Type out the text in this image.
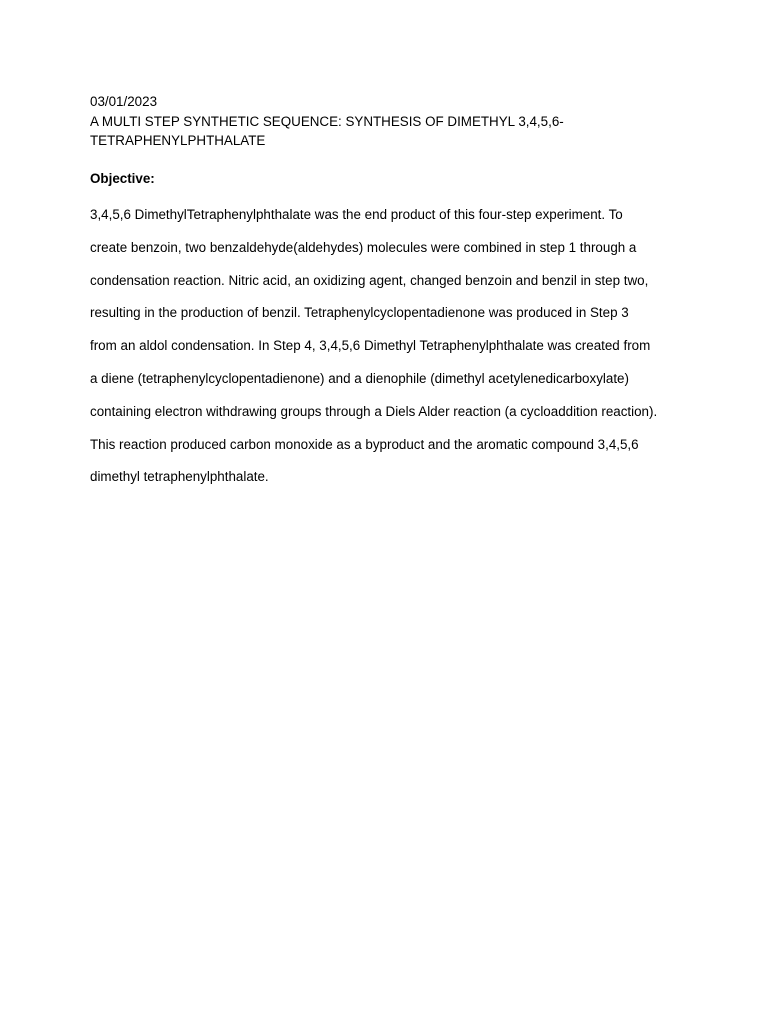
03/01/2023
A MULTI STEP SYNTHETIC SEQUENCE: SYNTHESIS OF DIMETHYL 3,4,5,6-
TETRAPHENYLPHTHALATE
Objective:
3,4,5,6 DimethylTetraphenylphthalate was the end product of this four-step experiment. To
create benzoin, two benzaldehyde(aldehydes) molecules were combined in step 1 through a
condensation reaction. Nitric acid, an oxidizing agent, changed benzoin and benzil in step two,
resulting in the production of benzil. Tetraphenylcyclopentadienone was produced in Step 3
from an aldol condensation. In Step 4, 3,4,5,6 Dimethyl Tetraphenylphthalate was created from
a diene (tetraphenylcyclopentadienone) and a dienophile (dimethyl acetylenedicarboxylate)
containing electron withdrawing groups through a Diels Alder reaction (a cycloaddition reaction).
This reaction produced carbon monoxide as a byproduct and the aromatic compound 3,4,5,6
dimethyl tetraphenylphthalate.
